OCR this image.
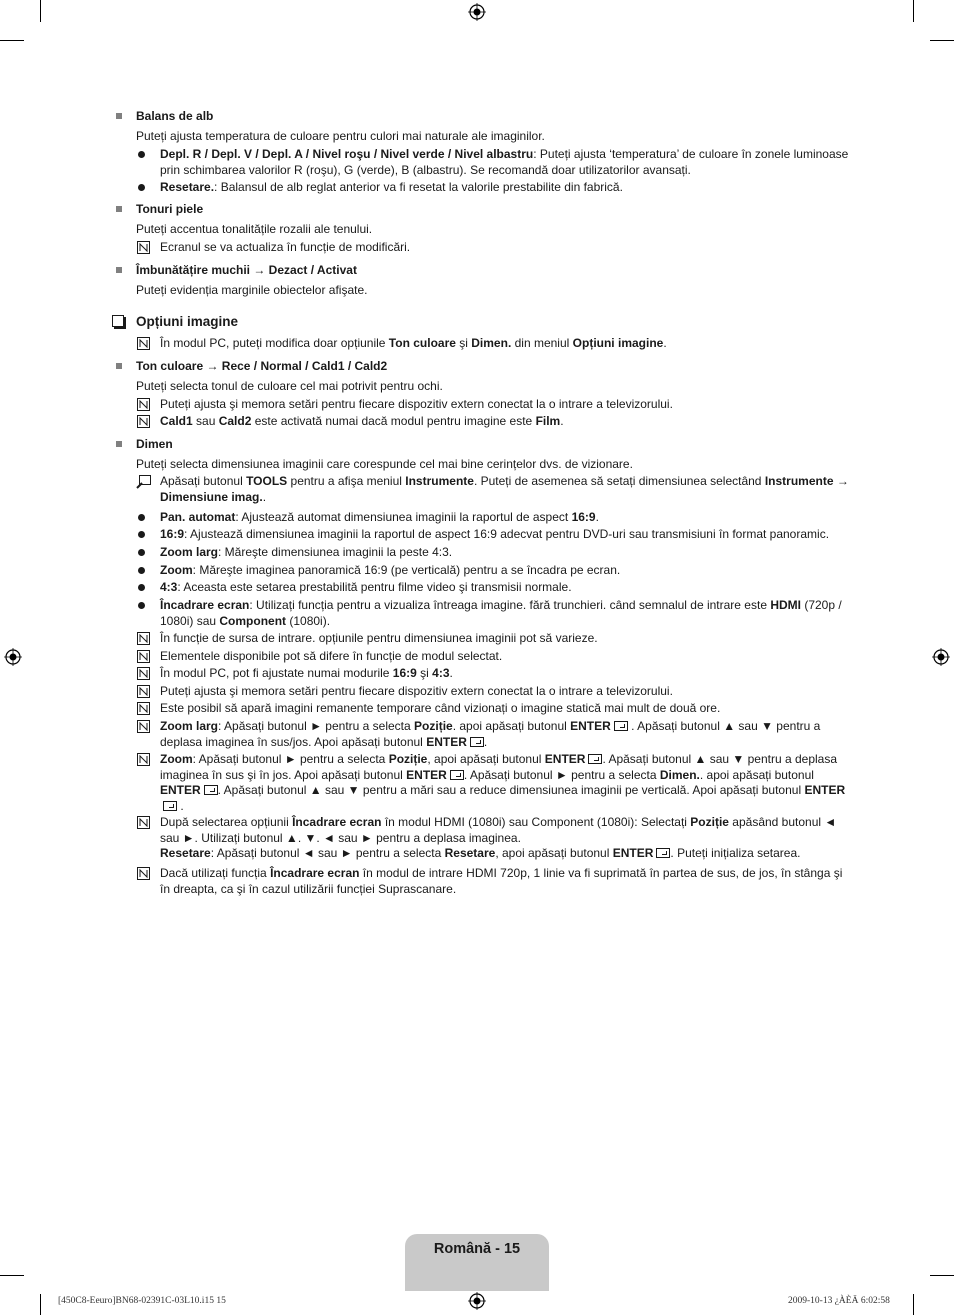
Balans de alb
Puteți ajusta temperatura de culoare pentru culori mai naturale ale imaginilor.
Depl. R / Depl. V / Depl. A / Nivel roşu / Nivel verde / Nivel albastru: Puteți ajusta ‘temperatura’ de culoare în zonele luminoase prin schimbarea valorilor R (roşu), G (verde), B (albastru). Se recomandă doar utilizatorilor avansați.
Resetare.: Balansul de alb reglat anterior va fi resetat la valorile prestabilite din fabrică.
Tonuri piele
Puteți accentua tonalitățile rozalii ale tenului.
Ecranul se va actualiza în funcție de modificări.
Îmbunătățire muchii → Dezact / Activat
Puteți evidenția marginile obiectelor afişate.
Opțiuni imagine
În modul PC, puteți modifica doar opțiunile Ton culoare şi Dimen. din meniul Opțiuni imagine.
Ton culoare → Rece / Normal / Cald1 / Cald2
Puteți selecta tonul de culoare cel mai potrivit pentru ochi.
Puteți ajusta şi memora setări pentru fiecare dispozitiv extern conectat la o intrare a televizorului.
Cald1 sau Cald2 este activată numai dacă modul pentru imagine este Film.
Dimen
Puteți selecta dimensiunea imaginii care corespunde cel mai bine cerințelor dvs. de vizionare.
Apăsați butonul TOOLS pentru a afişa meniul Instrumente. Puteți de asemenea să setați dimensiunea selectând Instrumente → Dimensiune imag..
Pan. automat: Ajustează automat dimensiunea imaginii la raportul de aspect 16:9.
16:9: Ajustează dimensiunea imaginii la raportul de aspect 16:9 adecvat pentru DVD-uri sau transmisiuni în format panoramic.
Zoom larg: Măreşte dimensiunea imaginii la peste 4:3.
Zoom: Măreşte imaginea panoramică 16:9 (pe verticală) pentru a se încadra pe ecran.
4:3: Aceasta este setarea prestabilită pentru filme video şi transmisii normale.
Încadrare ecran: Utilizați funcția pentru a vizualiza întreaga imagine. fără trunchieri. când semnalul de intrare este HDMI (720p / 1080i) sau Component (1080i).
În funcție de sursa de intrare. opțiunile pentru dimensiunea imaginii pot să varieze.
Elementele disponibile pot să difere în funcție de modul selectat.
În modul PC, pot fi ajustate numai modurile 16:9 şi 4:3.
Puteți ajusta şi memora setări pentru fiecare dispozitiv extern conectat la o intrare a televizorului.
Este posibil să apară imagini remanente temporare când vizionați o imagine statică mai mult de două ore.
Zoom larg: Apăsați butonul ► pentru a selecta Poziție. apoi apăsați butonul ENTER . Apăsați butonul ▲ sau ▼ pentru a deplasa imaginea în sus/jos. Apoi apăsați butonul ENTER .
Zoom: Apăsați butonul ► pentru a selecta Poziție, apoi apăsați butonul ENTER . Apăsați butonul ▲ sau ▼ pentru a deplasa imaginea în sus şi în jos. Apoi apăsați butonul ENTER . Apăsați butonul ► pentru a selecta Dimen.. apoi apăsați butonul ENTER . Apăsați butonul ▲ sau ▼ pentru a mări sau a reduce dimensiunea imaginii pe verticală. Apoi apăsați butonul ENTER .
După selectarea opțiunii Încadrare ecran în modul HDMI (1080i) sau Component (1080i): Selectați Poziție apăsând butonul ◄ sau ►. Utilizați butonul ▲. ▼. ◄ sau ► pentru a deplasa imaginea.
Resetare: Apăsați butonul ◄ sau ► pentru a selecta Resetare, apoi apăsați butonul ENTER . Puteți inițializa setarea.
Dacă utilizați funcția Încadrare ecran în modul de intrare HDMI 720p, 1 linie va fi suprimată în partea de sus, de jos, în stânga şi în dreapta, ca şi în cazul utilizării funcției Suprascanare.
Română - 15
[450C8-Eeuro]BN68-02391C-03L10.i15 15	2009-10-13 ¿ÀÈÄ 6:02:58
